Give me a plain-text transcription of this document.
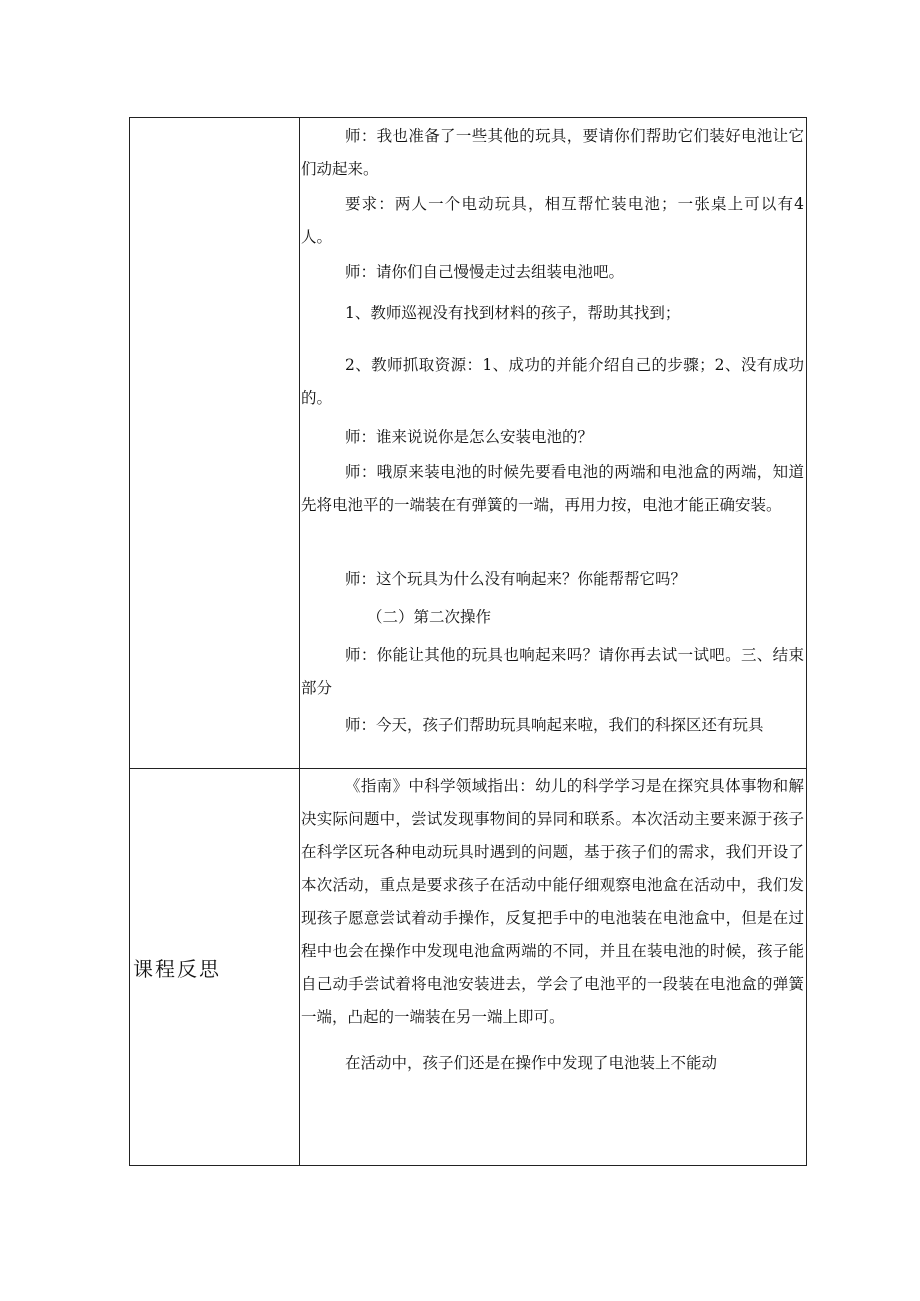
师：我也准备了一些其他的玩具，要请你们帮助它们装好电池让它们动起来。
要求：两人一个电动玩具，相互帮忙装电池；一张桌上可以有4人。
师：请你们自己慢慢走过去组装电池吧。
1、教师巡视没有找到材料的孩子，帮助其找到；
2、教师抓取资源：1、成功的并能介绍自己的步骤；2、没有成功的。
师：谁来说说你是怎么安装电池的？
师：哦原来装电池的时候先要看电池的两端和电池盒的两端，知道先将电池平的一端装在有弹簧的一端，再用力按，电池才能正确安装。
师：这个玩具为什么没有响起来？你能帮帮它吗？
（二）第二次操作
师：你能让其他的玩具也响起来吗？请你再去试一试吧。三、结束部分
师：今天，孩子们帮助玩具响起来啦，我们的科探区还有玩具
课程反思
《指南》中科学领域指出：幼儿的科学学习是在探究具体事物和解决实际问题中，尝试发现事物间的异同和联系。本次活动主要来源于孩子在科学区玩各种电动玩具时遇到的问题，基于孩子们的需求，我们开设了本次活动，重点是要求孩子在活动中能仔细观察电池盒在活动中，我们发现孩子愿意尝试着动手操作，反复把手中的电池装在电池盒中，但是在过程中也会在操作中发现电池盒两端的不同，并且在装电池的时候，孩子能自己动手尝试着将电池安装进去，学会了电池平的一段装在电池盒的弹簧一端，凸起的一端装在另一端上即可。
在活动中，孩子们还是在操作中发现了电池装上不能动
